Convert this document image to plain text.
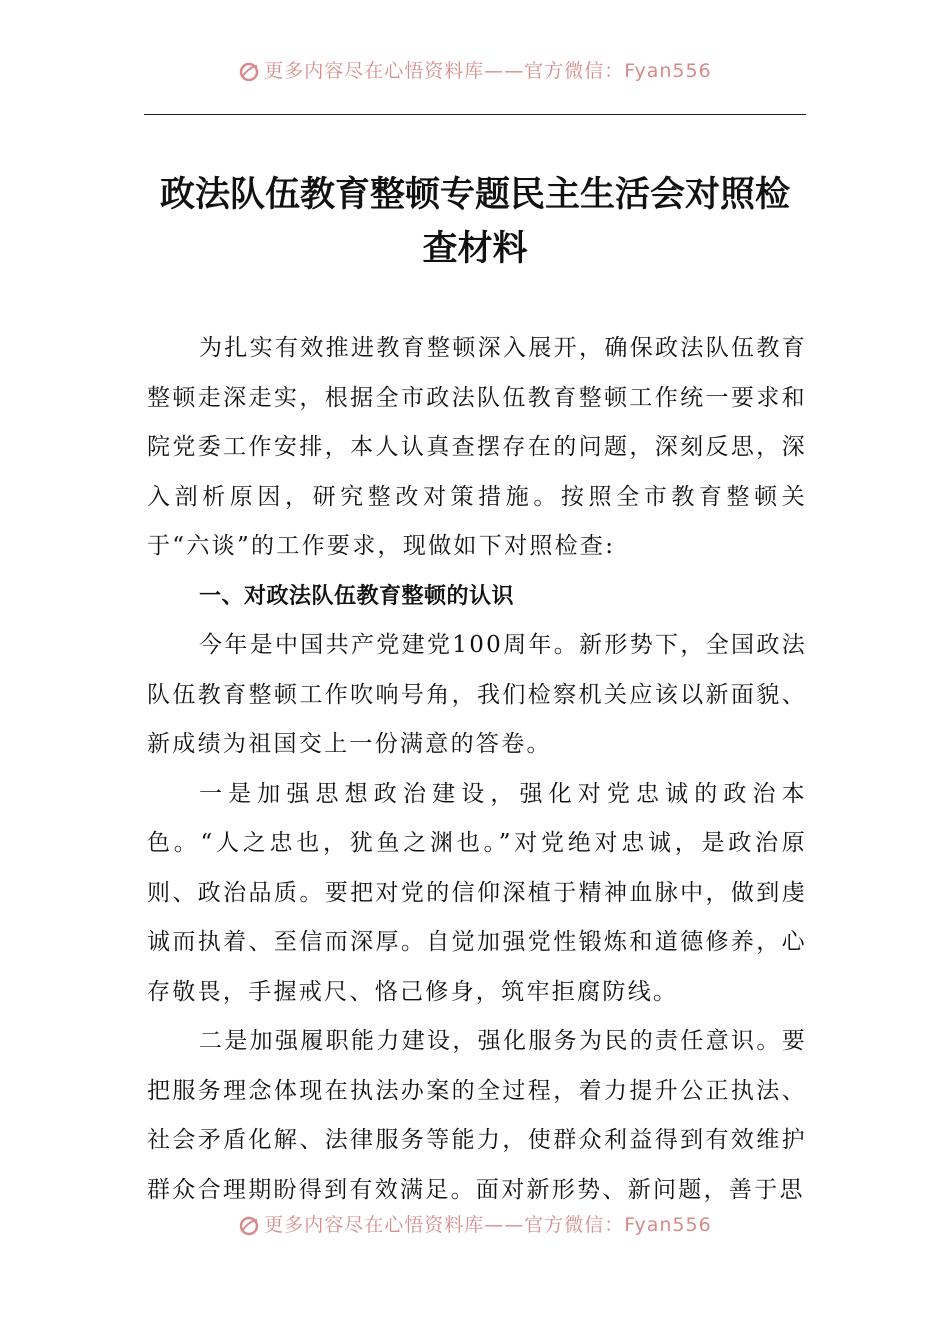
更多内容尽在心悟资料库——官方微信：Fyan556
政法队伍教育整顿专题民主生活会对照检查材料

为扎实有效推进教育整顿深入展开，确保政法队伍教育整顿走深走实，根据全市政法队伍教育整顿工作统一要求和院党委工作安排，本人认真查摆存在的问题，深刻反思，深入剖析原因，研究整改对策措施。按照全市教育整顿关于“六谈”的工作要求，现做如下对照检查:

一、对政法队伍教育整顿的认识

今年是中国共产党建党100周年。新形势下，全国政法队伍教育整顿工作吹响号角，我们检察机关应该以新面貌、新成绩为祖国交上一份满意的答卷。

一是加强思想政治建设，强化对党忠诚的政治本色。“人之忠也，犹鱼之渊也。”对党绝对忠诚，是政治原则、政治品质。要把对党的信仰深植于精神血脉中，做到虔诚而执着、至信而深厚。自觉加强党性锻炼和道德修养，心存敬畏，手握戒尺、恪己修身，筑牢拒腐防线。

二是加强履职能力建设，强化服务为民的责任意识。要把服务理念体现在执法办案的全过程，着力提升公正执法、社会矛盾化解、法律服务等能力，使群众利益得到有效维护群众合理期盼得到有效满足。面对新形势、新问题，善于思

更多内容尽在心悟资料库——官方微信：Fyan556
